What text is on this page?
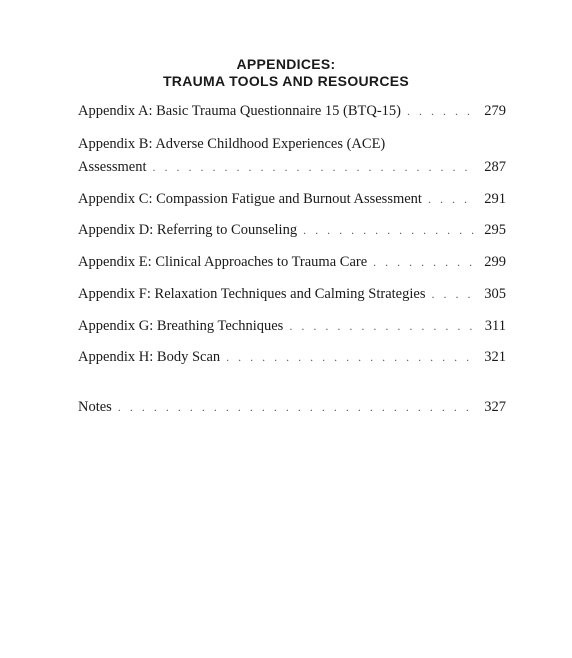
APPENDICES:
TRAUMA TOOLS AND RESOURCES
Appendix A: Basic Trauma Questionnaire 15 (BTQ-15) . . .	279
Appendix B: Adverse Childhood Experiences (ACE)
Assessment . . .	287
Appendix C: Compassion Fatigue and Burnout Assessment . . .	291
Appendix D: Referring to Counseling . . .	295
Appendix E: Clinical Approaches to Trauma Care . . .	299
Appendix F: Relaxation Techniques and Calming Strategies . . .	305
Appendix G: Breathing Techniques . . .	311
Appendix H: Body Scan . . .	321
Notes . . .	327
